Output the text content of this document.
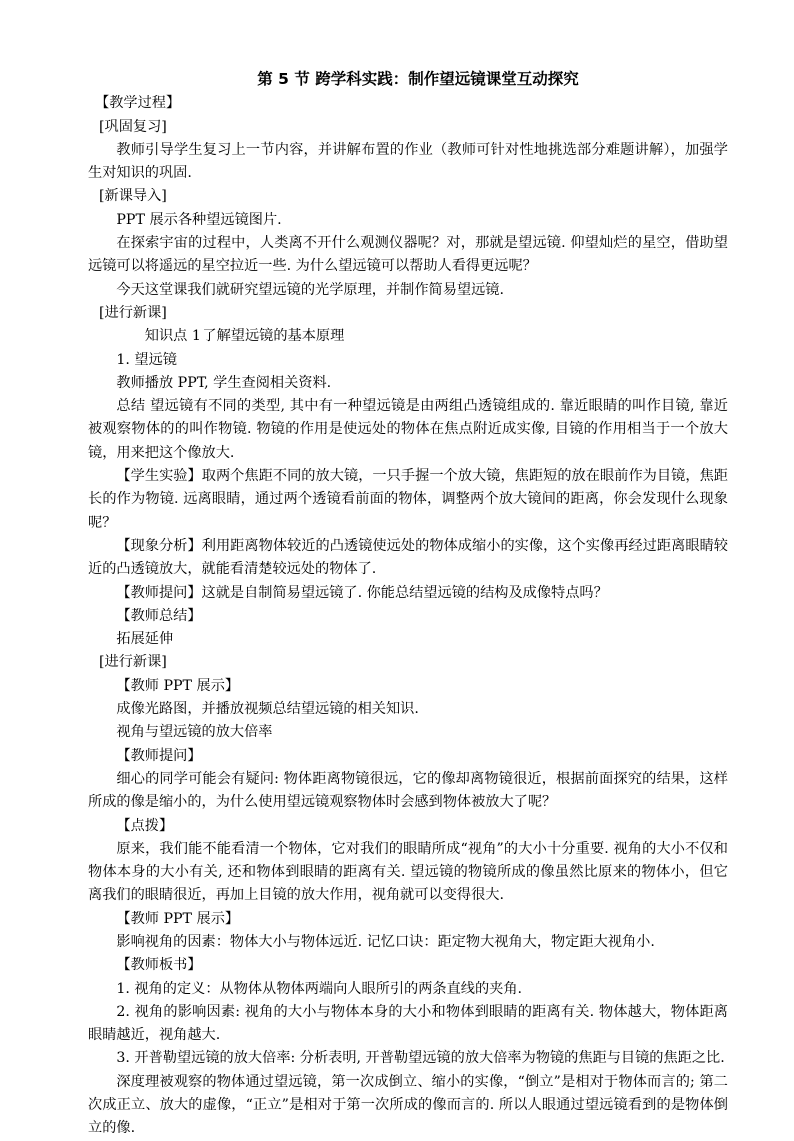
第 5 节 跨学科实践：制作望远镜课堂互动探究
【教学过程】
[巩固复习]

教师引导学生复习上一节内容，并讲解布置的作业（教师可针对性地挑选部分难题讲解），加强学生对知识的巩固.

[新课导入]

PPT 展示各种望远镜图片.

在探索宇宙的过程中，人类离不开什么观测仪器呢？对，那就是望远镜. 仰望灿烂的星空，借助望远镜可以将遥远的星空拉近一些. 为什么望远镜可以帮助人看得更远呢？

今天这堂课我们就研究望远镜的光学原理，并制作简易望远镜.

[进行新课]

知识点 1 了解望远镜的基本原理

1. 望远镜

教师播放 PPT, 学生查阅相关资料.

总结 望远镜有不同的类型, 其中有一种望远镜是由两组凸透镜组成的. 靠近眼睛的叫作目镜, 靠近被观察物体的的叫作物镜. 物镜的作用是使远处的物体在焦点附近成实像, 目镜的作用相当于一个放大镜，用来把这个像放大.

【学生实验】取两个焦距不同的放大镜，一只手握一个放大镜，焦距短的放在眼前作为目镜，焦距长的作为物镜. 远离眼睛，通过两个透镜看前面的物体，调整两个放大镜间的距离，你会发现什么现象呢？

【现象分析】利用距离物体较近的凸透镜使远处的物体成缩小的实像，这个实像再经过距离眼睛较近的凸透镜放大，就能看清楚较远处的物体了.

【教师提问】这就是自制简易望远镜了. 你能总结望远镜的结构及成像特点吗？

【教师总结】

拓展延伸

[进行新课]

【教师 PPT 展示】

成像光路图，并播放视频总结望远镜的相关知识.

视角与望远镜的放大倍率

【教师提问】

细心的同学可能会有疑问: 物体距离物镜很远，它的像却离物镜很近，根据前面探究的结果，这样所成的像是缩小的，为什么使用望远镜观察物体时会感到物体被放大了呢？

【点拨】

原来，我们能不能看清一个物体，它对我们的眼睛所成“视角”的大小十分重要. 视角的大小不仅和物体本身的大小有关, 还和物体到眼睛的距离有关. 望远镜的物镜所成的像虽然比原来的物体小，但它离我们的眼睛很近，再加上目镜的放大作用，视角就可以变得很大.

【教师 PPT 展示】

影响视角的因素：物体大小与物体远近. 记忆口诀：距定物大视角大，物定距大视角小.

【教师板书】

1. 视角的定义：从物体从物体两端向人眼所引的两条直线的夹角.

2. 视角的影响因素: 视角的大小与物体本身的大小和物体到眼睛的距离有关. 物体越大，物体距离眼睛越近，视角越大.

3. 开普勒望远镜的放大倍率: 分析表明, 开普勒望远镜的放大倍率为物镜的焦距与目镜的焦距之比.

深度理被观察的物体通过望远镜，第一次成倒立、缩小的实像，“倒立”是相对于物体而言的; 第二次成正立、放大的虚像，“正立”是相对于第一次所成的像而言的. 所以人眼通过望远镜看到的是物体倒立的像.
